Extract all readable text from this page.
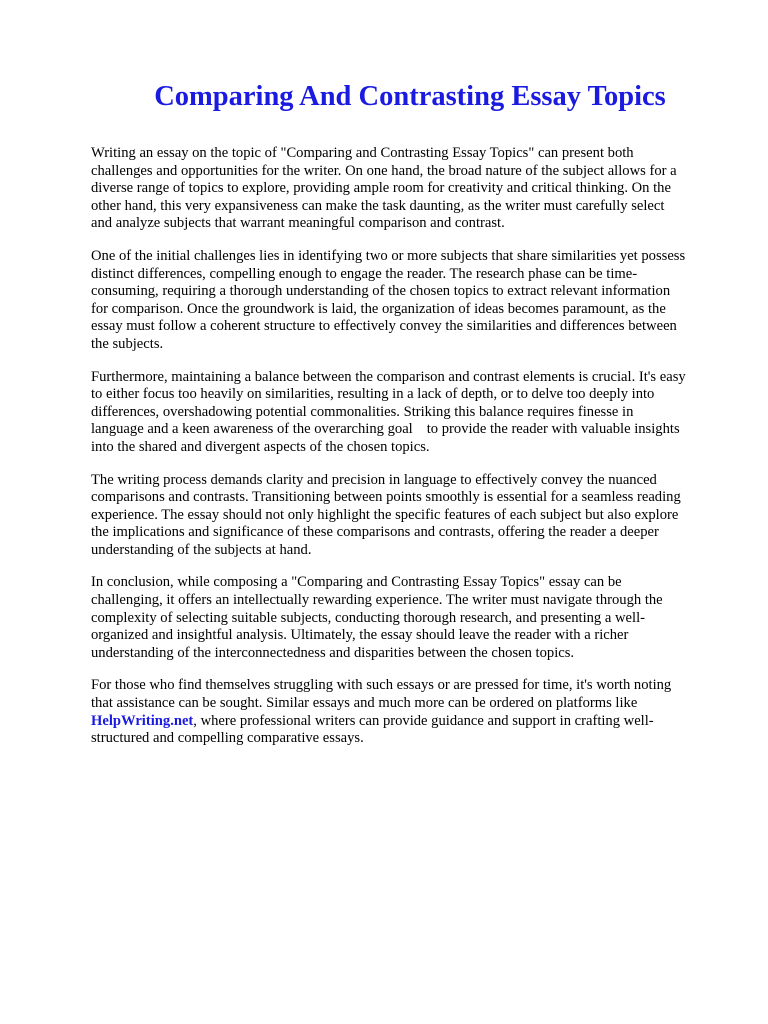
Comparing And Contrasting Essay Topics

Writing an essay on the topic of "Comparing and Contrasting Essay Topics" can present both
challenges and opportunities for the writer. On one hand, the broad nature of the subject allows for a
diverse range of topics to explore, providing ample room for creativity and critical thinking. On the
other hand, this very expansiveness can make the task daunting, as the writer must carefully select
and analyze subjects that warrant meaningful comparison and contrast.

One of the initial challenges lies in identifying two or more subjects that share similarities yet possess
distinct differences, compelling enough to engage the reader. The research phase can be time-
consuming, requiring a thorough understanding of the chosen topics to extract relevant information
for comparison. Once the groundwork is laid, the organization of ideas becomes paramount, as the
essay must follow a coherent structure to effectively convey the similarities and differences between
the subjects.

Furthermore, maintaining a balance between the comparison and contrast elements is crucial. It's easy
to either focus too heavily on similarities, resulting in a lack of depth, or to delve too deeply into
differences, overshadowing potential commonalities. Striking this balance requires finesse in
language and a keen awareness of the overarching goal to provide the reader with valuable insights
into the shared and divergent aspects of the chosen topics.

The writing process demands clarity and precision in language to effectively convey the nuanced
comparisons and contrasts. Transitioning between points smoothly is essential for a seamless reading
experience. The essay should not only highlight the specific features of each subject but also explore
the implications and significance of these comparisons and contrasts, offering the reader a deeper
understanding of the subjects at hand.

In conclusion, while composing a "Comparing and Contrasting Essay Topics" essay can be
challenging, it offers an intellectually rewarding experience. The writer must navigate through the
complexity of selecting suitable subjects, conducting thorough research, and presenting a well-
organized and insightful analysis. Ultimately, the essay should leave the reader with a richer
understanding of the interconnectedness and disparities between the chosen topics.

For those who find themselves struggling with such essays or are pressed for time, it's worth noting
that assistance can be sought. Similar essays and much more can be ordered on platforms like
HelpWriting.net, where professional writers can provide guidance and support in crafting well-
structured and compelling comparative essays.
